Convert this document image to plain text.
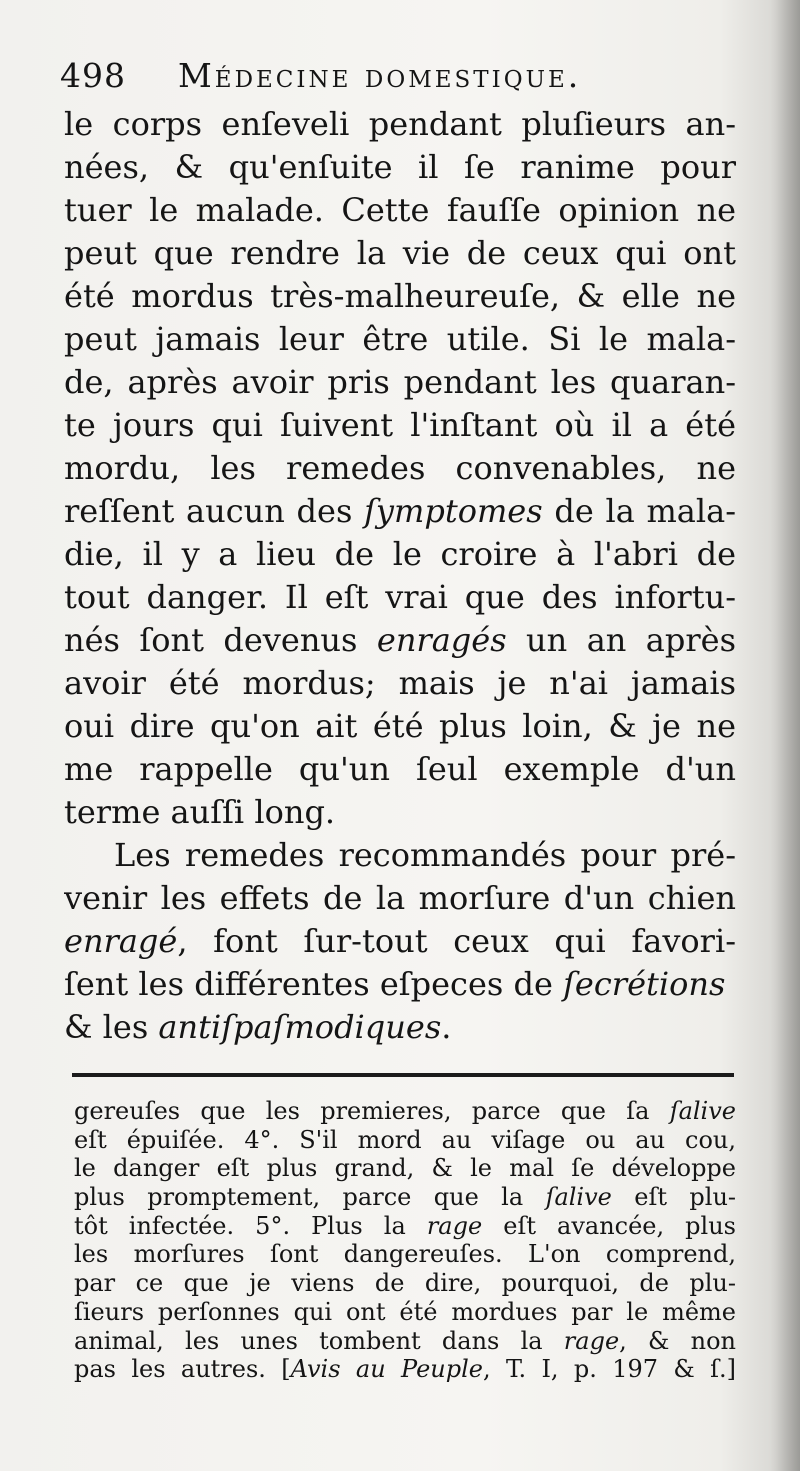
498 Médecine domestique.
le corps enſeveli pendant pluſieurs an-
nées, & qu'enſuite il ſe ranime pour
tuer le malade. Cette fauſſe opinion ne
peut que rendre la vie de ceux qui ont
été mordus très-malheureuſe, & elle ne
peut jamais leur être utile. Si le mala-
de, après avoir pris pendant les quaran-
te jours qui ſuivent l'inſtant où il a été
mordu, les remedes convenables, ne
reſſent aucun des ſymptomes de la mala-
die, il y a lieu de le croire à l'abri de
tout danger. Il eſt vrai que des infortu-
nés ſont devenus enragés un an après
avoir été mordus; mais je n'ai jamais
oui dire qu'on ait été plus loin, & je ne
me rappelle qu'un ſeul exemple d'un
terme auſſi long.
Les remedes recommandés pour pré-
venir les effets de la morſure d'un chien
enragé, font ſur-tout ceux qui favori-
ſent les différentes eſpeces de ſecrétions
& les antiſpaſmodiques.
gereuſes que les premieres, parce que ſa ſalive
eſt épuiſée. 4°. S'il mord au viſage ou au cou,
le danger eſt plus grand, & le mal ſe développe
plus promptement, parce que la ſalive eſt plu-
tôt infectée. 5°. Plus la rage eſt avancée, plus
les morſures ſont dangereuſes. L'on comprend,
par ce que je viens de dire, pourquoi, de plu-
ſieurs perſonnes qui ont été mordues par le même
animal, les unes tombent dans la rage, & non
pas les autres. [Avis au Peuple, T. I, p. 197 & ſ.]
